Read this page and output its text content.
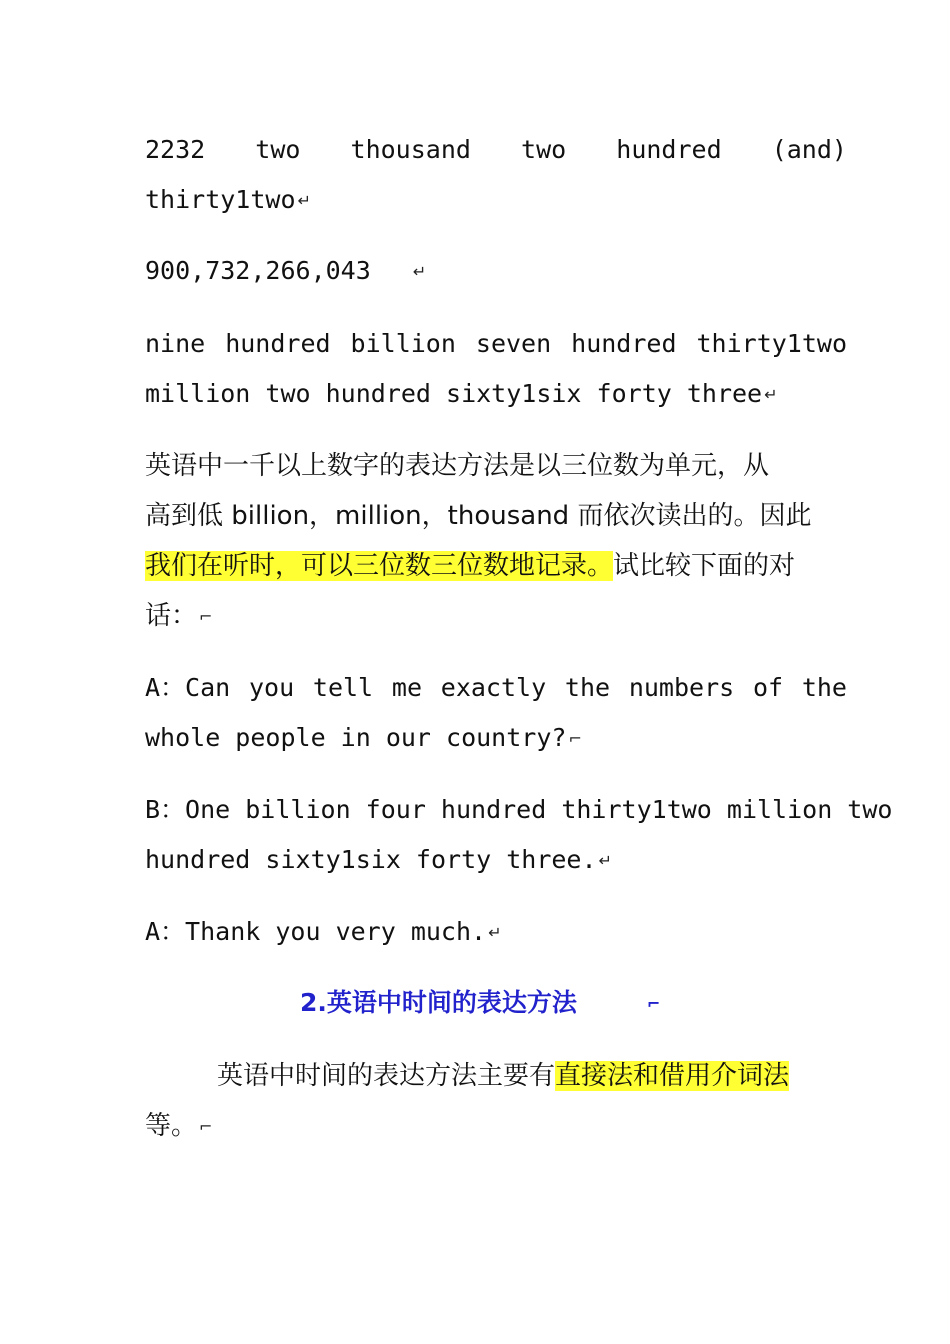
2232 two thousand two hundred (and)
thirty1two ↵
900,732,266,043	↵
nine hundred billion seven hundred thirty1two
million two hundred sixty1six forty three ↵
英语中一千以上数字的表达方法是以三位数为单元，从
高到低 billion，million，thousand 而依次读出的。因此
我们在听时，可以三位数三位数地记录。试比较下面的对
话： ⌐
A：Can you tell me exactly the numbers of the
whole people in our country? ⌐
B：One billion four hundred thirty1two million two
hundred sixty1six forty three. ↵
A：Thank you very much. ↵
2.英语中时间的表达方法	⌐
英语中时间的表达方法主要有直接法和借用介词法
等。 ⌐
